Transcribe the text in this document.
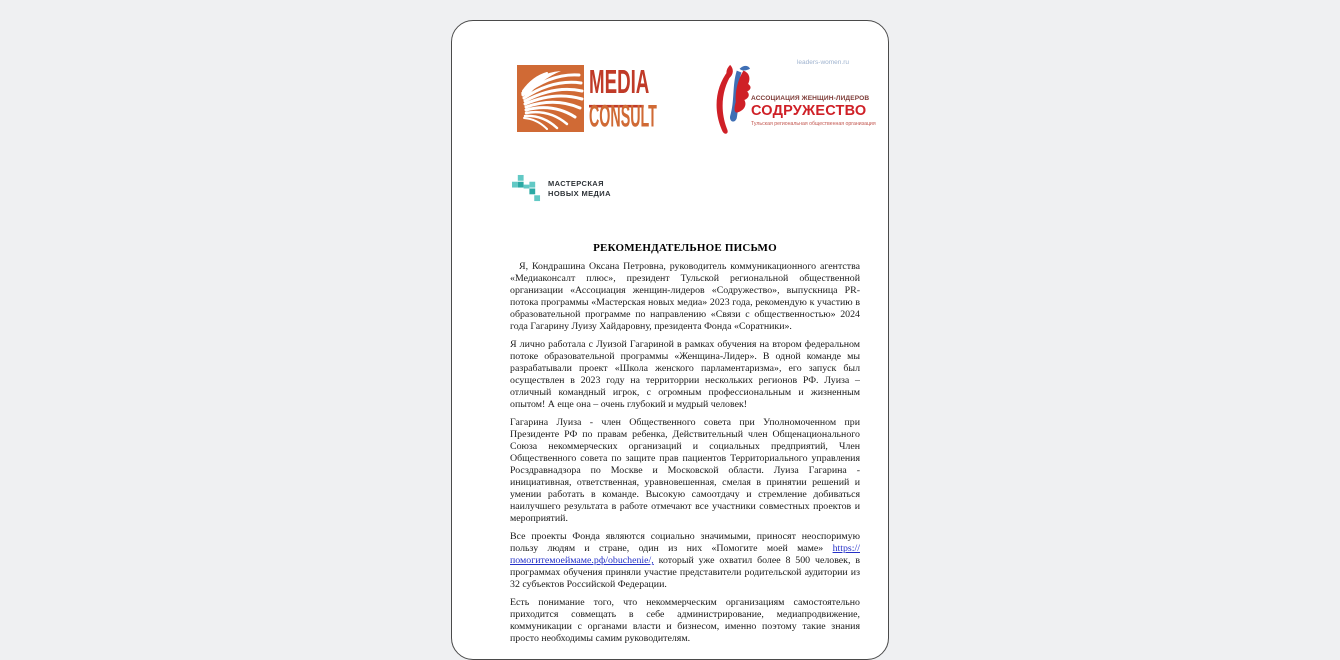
MEDIA
CONSULT
leaders-women.ru
АССОЦИАЦИЯ ЖЕНЩИН-ЛИДЕРОВ
СОДРУЖЕСТВО
Тульская региональная общественная организация
МАСТЕРСКАЯ
НОВЫХ МЕДИА
РЕКОМЕНДАТЕЛЬНОЕ ПИСЬМО

Я, Кондрашина Оксана Петровна, руководитель коммуникационного агентства «Медиаконсалт плюс», президент Тульской региональной общественной организации «Ассоциация женщин-лидеров «Содружество», выпускница PR-потока программы «Мастерская новых медиа» 2023 года, рекомендую к участию в образовательной программе по направлению «Связи с общественностью» 2024 года Гагарину Луизу Хайдаровну, президента Фонда «Соратники».

Я лично работала с Луизой Гагариной в рамках обучения на втором федеральном потоке образовательной программы «Женщина-Лидер». В одной команде мы разрабатывали проект «Школа женского парламентаризма», его запуск был осуществлен в 2023 году на территоррии нескольких регионов РФ. Луиза – отличный командный игрок, с огромным профессиональным и жизненным опытом! А еще она – очень глубокий и мудрый человек!

Гагарина Луиза - член Общественного совета при Уполномоченном при Президенте РФ по правам ребенка, Действительный член Общенационального Союза некоммерческих организаций и социальных предприятий, Член Общественного совета по защите прав пациентов Территориального управления Росздравнадзора по Москве и Московской области. Луиза Гагарина - инициативная, ответственная, уравновешенная, смелая в принятии решений и умении работать в команде. Высокую самоотдачу и стремление добиваться наилучшего результата в работе отмечают все участники совместных проектов и мероприятий.

Все проекты Фонда являются социально значимыми, приносят неоспоримую пользу людям и стране, один из них «Помогите моей маме» https://помогитемоеймаме.рф/obuchenie/, который уже охватил более 8 500 человек, в программах обучения приняли участие представители родительской аудитории из 32 субъектов Российской Федерации.

Есть понимание того, что некоммерческим организациям самостоятельно приходится совмещать в себе администрирование, медиапродвижение, коммуникации с органами власти и бизнесом, именно поэтому такие знания просто необходимы самим руководителям.
